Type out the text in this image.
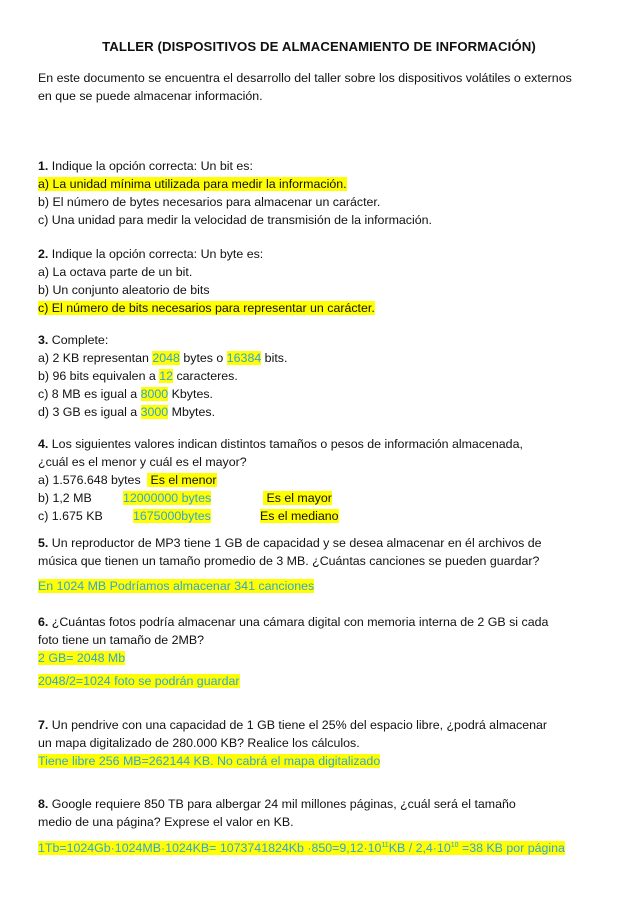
TALLER (DISPOSITIVOS DE ALMACENAMIENTO DE INFORMACIÓN)
En este documento se encuentra el desarrollo del taller sobre los dispositivos volátiles o externos
en que se puede almacenar información.
1. Indique la opción correcta: Un bit es:
a) La unidad mínima utilizada para medir la información.
b) El número de bytes necesarios para almacenar un carácter.
c) Una unidad para medir la velocidad de transmisión de la información.
2. Indique la opción correcta: Un byte es:
a) La octava parte de un bit.
b) Un conjunto aleatorio de bits
c) El número de bits necesarios para representar un carácter.
3. Complete:
a) 2 KB representan 2048 bytes o 16384 bits.
b) 96 bits equivalen a 12 caracteres.
c) 8 MB es igual a 8000 Kbytes.
d) 3 GB es igual a 3000 Mbytes.
4. Los siguientes valores indican distintos tamaños o pesos de información almacenada,
¿cuál es el menor y cuál es el mayor?
a) 1.576.648 bytes Es el menor
b) 1,2 MB	12000000 bytes	Es el mayor
c) 1.675 KB 1675000bytes	Es el mediano
5. Un reproductor de MP3 tiene 1 GB de capacidad y se desea almacenar en él archivos de
música que tienen un tamaño promedio de 3 MB. ¿Cuántas canciones se pueden guardar?
En 1024 MB Podríamos almacenar 341 canciones
6. ¿Cuántas fotos podría almacenar una cámara digital con memoria interna de 2 GB si cada
foto tiene un tamaño de 2MB?
2 GB= 2048 Mb
2048/2=1024 foto se podrán guardar
7. Un pendrive con una capacidad de 1 GB tiene el 25% del espacio libre, ¿podrá almacenar
un mapa digitalizado de 280.000 KB? Realice los cálculos.
Tiene libre 256 MB=262144 KB. No cabrá el mapa digitalizado
8. Google requiere 850 TB para albergar 24 mil millones páginas, ¿cuál será el tamaño
medio de una página? Exprese el valor en KB.
$1Tb=1024Gb\cdot 1024MB\cdot 1024KB= 1073741824Kb \cdot 850=9,12\cdot 10^{11}KB / 2,4\cdot 10^{10} =38$ KB por página
